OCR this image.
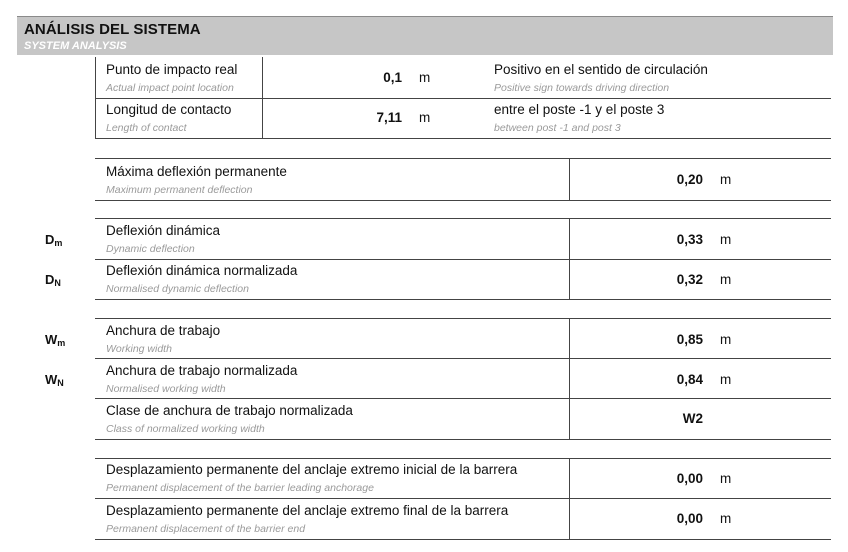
ANÁLISIS DEL SISTEMA
SYSTEM ANALYSIS
Punto de impacto real
Actual impact point location
0,1 m
Positivo en el sentido de circulación
Positive sign towards driving direction
Longitud de contacto
Length of contact
7,11 m
entre el poste -1 y el poste 3
between post -1 and post 3
Máxima deflexión permanente
Maximum permanent deflection
0,20 m
$D_m$
Deflexión dinámica
Dynamic deflection
0,33 m
$D_N$
Deflexión dinámica normalizada
Normalised dynamic deflection
0,32 m
$W_m$
Anchura de trabajo
Working width
0,85 m
$W_N$
Anchura de trabajo normalizada
Normalised working width
0,84 m
Clase de anchura de trabajo normalizada
Class of normalized working width
W2
Desplazamiento permanente del anclaje extremo inicial de la barrera
Permanent displacement of the barrier leading anchorage
0,00 m
Desplazamiento permanente del anclaje extremo final de la barrera
Permanent displacement of the barrier end
0,00 m
